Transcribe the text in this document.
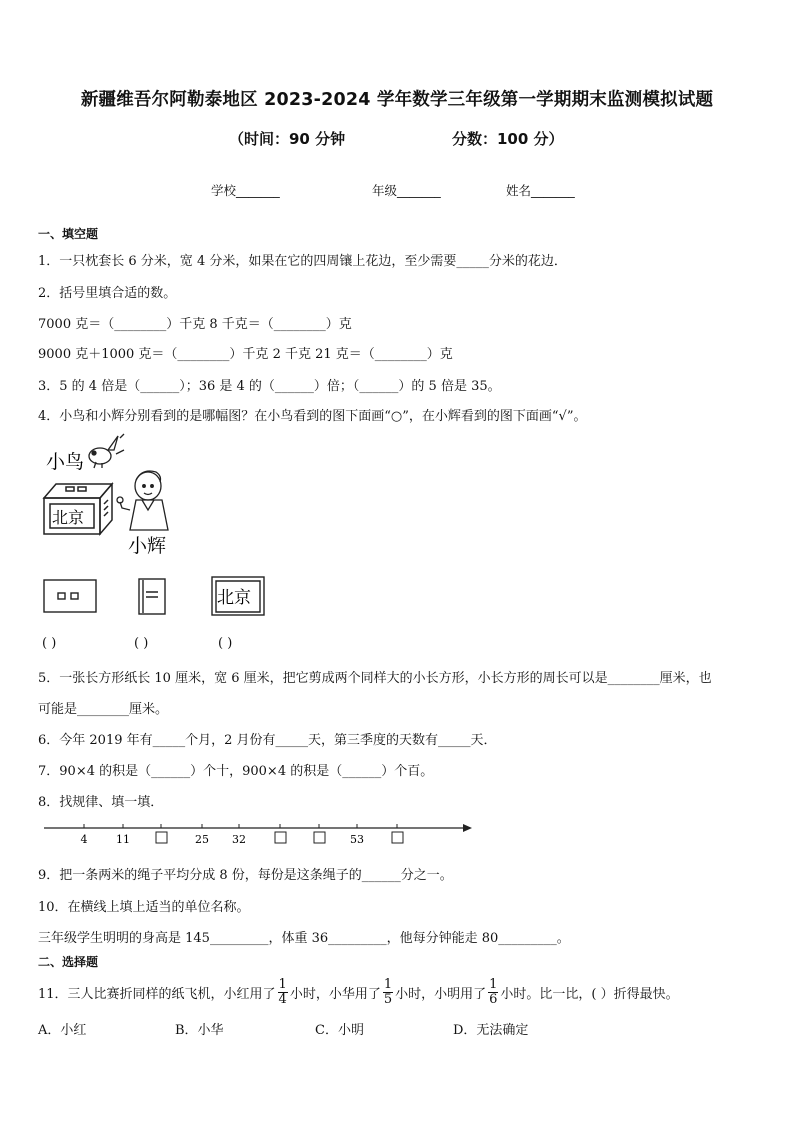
新疆维吾尔阿勒泰地区 2023-2024 学年数学三年级第一学期期末监测模拟试题
（时间：90 分钟	分数：100 分）
学校_______	年级_______	姓名_______
一、填空题
1．一只枕套长 6 分米，宽 4 分米，如果在它的四周镶上花边，至少需要_____分米的花边．
2．括号里填合适的数。
7000 克＝（________）千克 8 千克＝（________）克
9000 克＋1000 克＝（________）千克 2 千克 21 克＝（________）克
3．5 的 4 倍是（______）；36 是 4 的（______）倍；（______）的 5 倍是 35。
4．小鸟和小辉分别看到的是哪幅图？在小鸟看到的图下面画“○”，在小辉看到的图下面画“√”。
小鸟
北京
小辉
北京
( )	( )	( )
5．一张长方形纸长 10 厘米，宽 6 厘米，把它剪成两个同样大的小长方形，小长方形的周长可以是________厘米，也
可能是________厘米。
6．今年 2019 年有_____个月，2 月份有_____天，第三季度的天数有_____天．
7．90×4 的积是（______）个十，900×4 的积是（______）个百。
8．找规律、填一填．
4	11	25 32	53
9．把一条两米的绳子平均分成 8 份，每份是这条绳子的______分之一。
10．在横线上填上适当的单位名称。
三年级学生明明的身高是 145_________，体重 36_________，他每分钟能走 80_________。
二、选择题
11．三人比赛折同样的纸飞机，小红用了 $\frac{1}{4}$ 小时，小华用了 $\frac{1}{5}$ 小时，小明用了 $\frac{1}{6}$ 小时。比一比，( ）折得最快。
A．小红	B．小华	C．小明	D．无法确定
